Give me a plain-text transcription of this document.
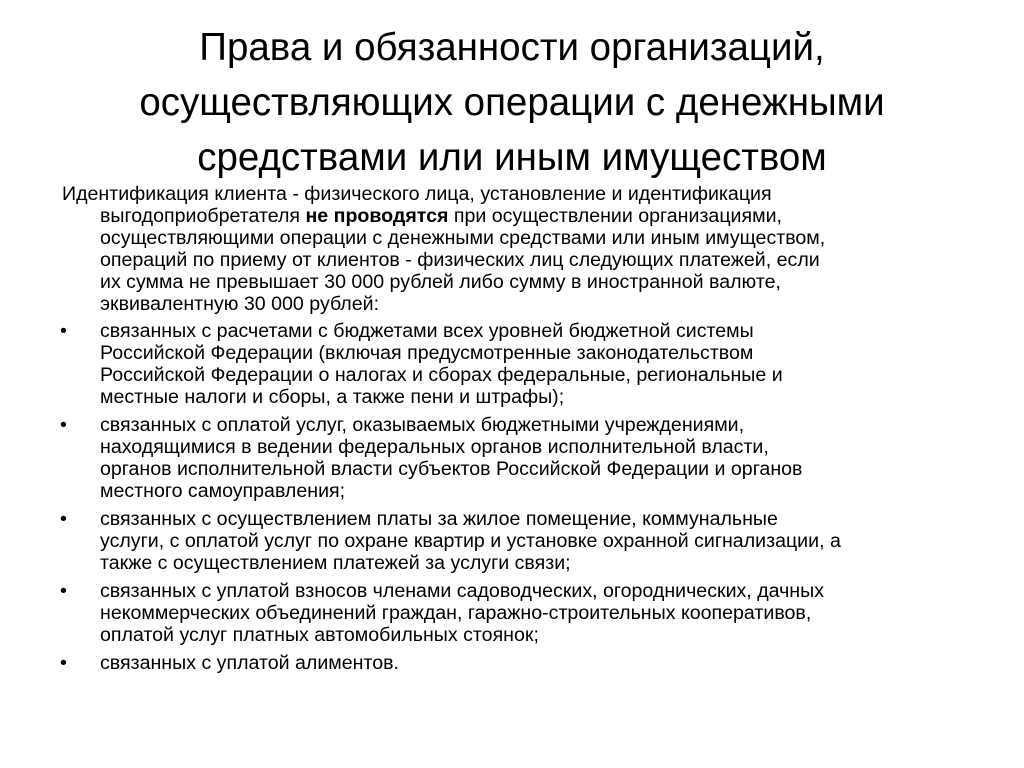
Права и обязанности организаций,
осуществляющих операции с денежными
средствами или иным имуществом

Идентификация клиента - физического лица, установление и идентификация
выгодоприобретателя не проводятся при осуществлении организациями,
осуществляющими операции с денежными средствами или иным имуществом,
операций по приему от клиентов - физических лиц следующих платежей, если
их сумма не превышает 30 000 рублей либо сумму в иностранной валюте,
эквивалентную 30 000 рублей:

• связанных с расчетами с бюджетами всех уровней бюджетной системы
Российской Федерации (включая предусмотренные законодательством
Российской Федерации о налогах и сборах федеральные, региональные и
местные налоги и сборы, а также пени и штрафы);
• связанных с оплатой услуг, оказываемых бюджетными учреждениями,
находящимися в ведении федеральных органов исполнительной власти,
органов исполнительной власти субъектов Российской Федерации и органов
местного самоуправления;
• связанных с осуществлением платы за жилое помещение, коммунальные
услуги, с оплатой услуг по охране квартир и установке охранной сигнализации, а
также с осуществлением платежей за услуги связи;
• связанных с уплатой взносов членами садоводческих, огороднических, дачных
некоммерческих объединений граждан, гаражно-строительных кооперативов,
оплатой услуг платных автомобильных стоянок;
• связанных с уплатой алиментов.
